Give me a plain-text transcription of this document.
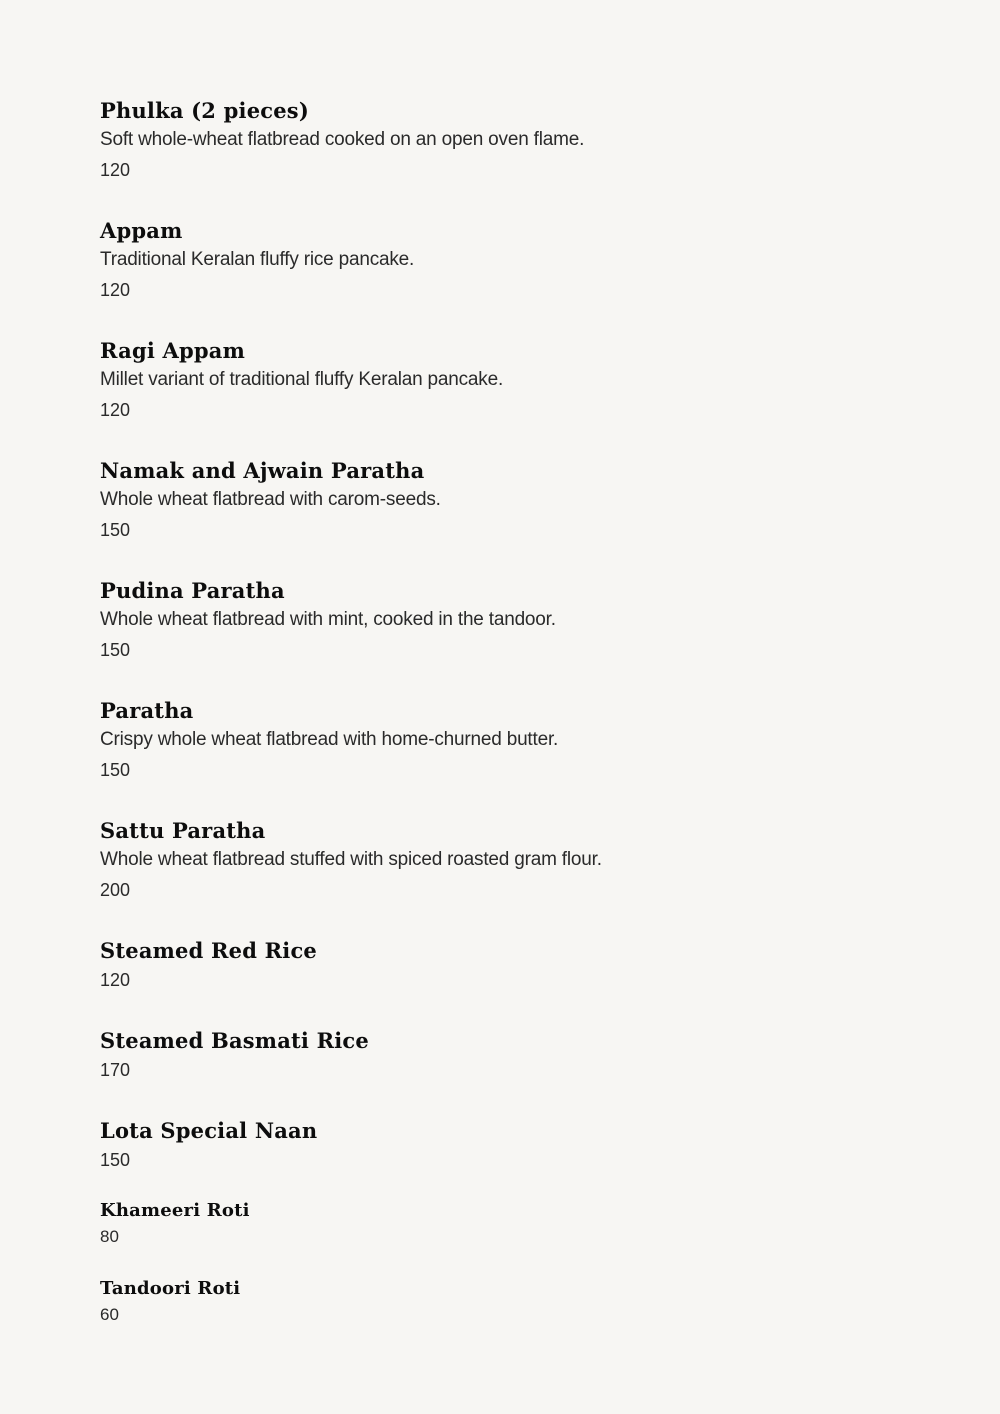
Phulka (2 pieces)
Soft whole-wheat flatbread cooked on an open oven flame.
120
Appam
Traditional Keralan fluffy rice pancake.
120
Ragi Appam
Millet variant of traditional fluffy Keralan pancake.
120
Namak and Ajwain Paratha
Whole wheat flatbread with carom-seeds.
150
Pudina Paratha
Whole wheat flatbread with mint, cooked in the tandoor.
150
Paratha
Crispy whole wheat flatbread with home-churned butter.
150
Sattu Paratha
Whole wheat flatbread stuffed with spiced roasted gram flour.
200
Steamed Red Rice
120
Steamed Basmati Rice
170
Lota Special Naan
150
Khameeri Roti
80
Tandoori Roti
60
